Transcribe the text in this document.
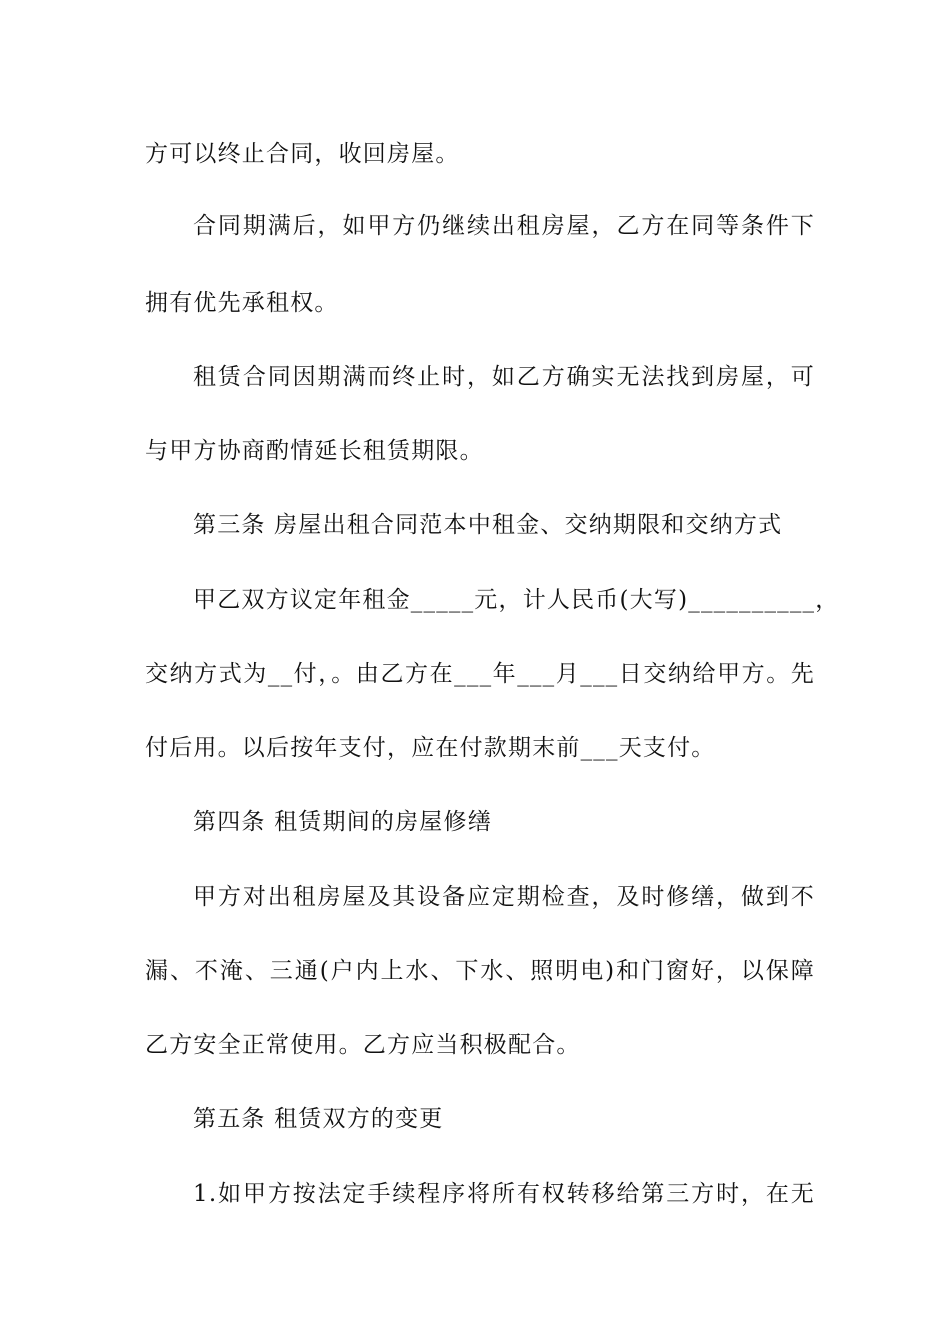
方可以终止合同，收回房屋。
合同期满后，如甲方仍继续出租房屋，乙方在同等条件下
拥有优先承租权。
租赁合同因期满而终止时，如乙方确实无法找到房屋，可
与甲方协商酌情延长租赁期限。
第三条 房屋出租合同范本中租金、交纳期限和交纳方式
甲乙双方议定年租金_____元，计人民币(大写)__________，
交纳方式为__付，。由乙方在___年___月___日交纳给甲方。先
付后用。以后按年支付，应在付款期末前___天支付。
第四条 租赁期间的房屋修缮
甲方对出租房屋及其设备应定期检查，及时修缮，做到不
漏、不淹、三通(户内上水、下水、照明电)和门窗好，以保障
乙方安全正常使用。乙方应当积极配合。
第五条 租赁双方的变更
1.如甲方按法定手续程序将所有权转移给第三方时，在无
